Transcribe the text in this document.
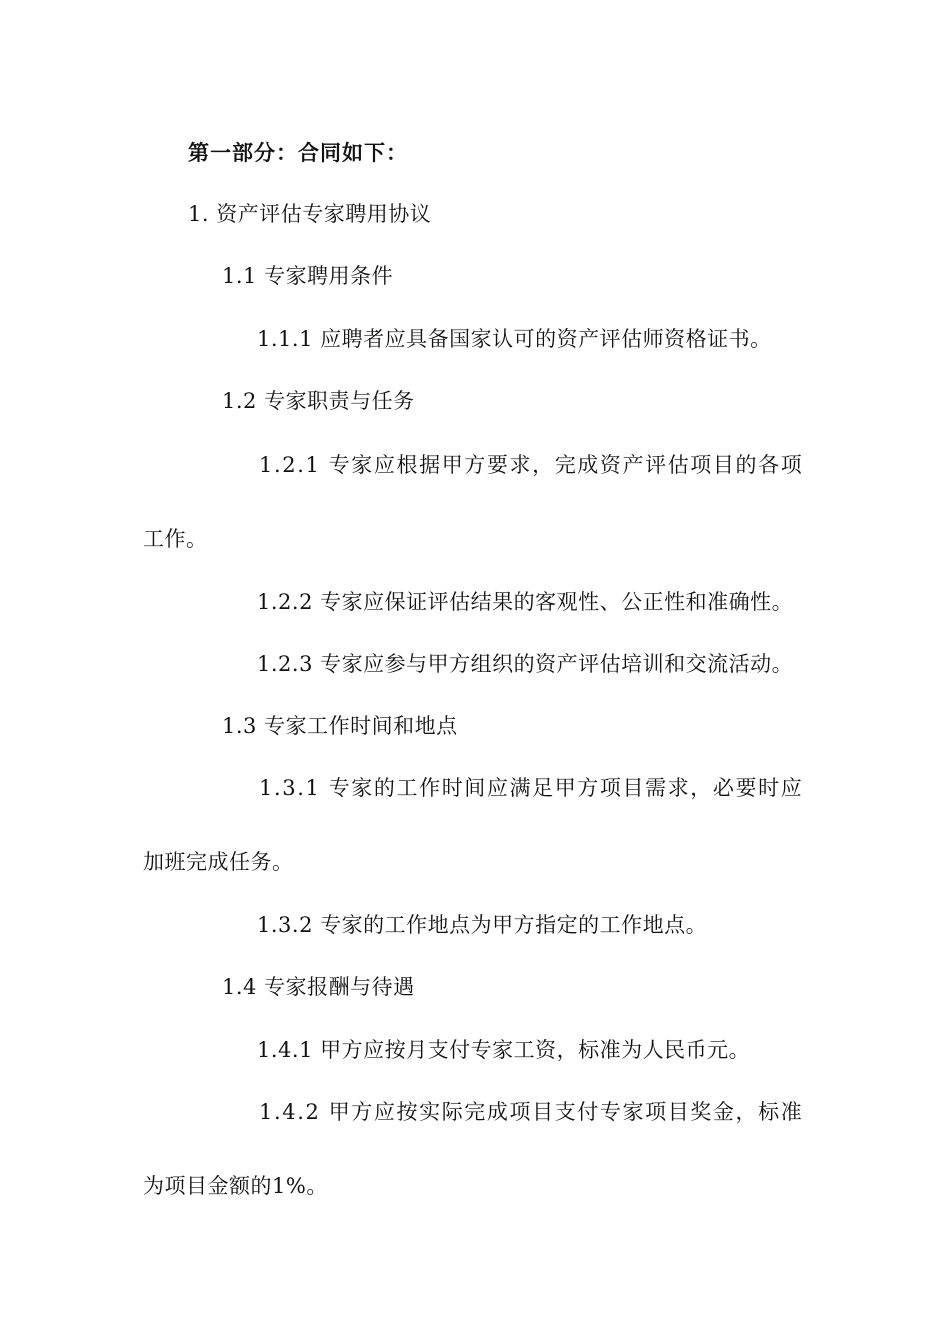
第一部分：合同如下：
1. 资产评估专家聘用协议
1.1 专家聘用条件
1.1.1 应聘者应具备国家认可的资产评估师资格证书。
1.2 专家职责与任务
1.2.1 专家应根据甲方要求，完成资产评估项目的各项
工作。
1.2.2 专家应保证评估结果的客观性、公正性和准确性。
1.2.3 专家应参与甲方组织的资产评估培训和交流活动。
1.3 专家工作时间和地点
1.3.1 专家的工作时间应满足甲方项目需求，必要时应
加班完成任务。
1.3.2 专家的工作地点为甲方指定的工作地点。
1.4 专家报酬与待遇
1.4.1 甲方应按月支付专家工资，标准为人民币元。
1.4.2 甲方应按实际完成项目支付专家项目奖金，标准
为项目金额的1%。
